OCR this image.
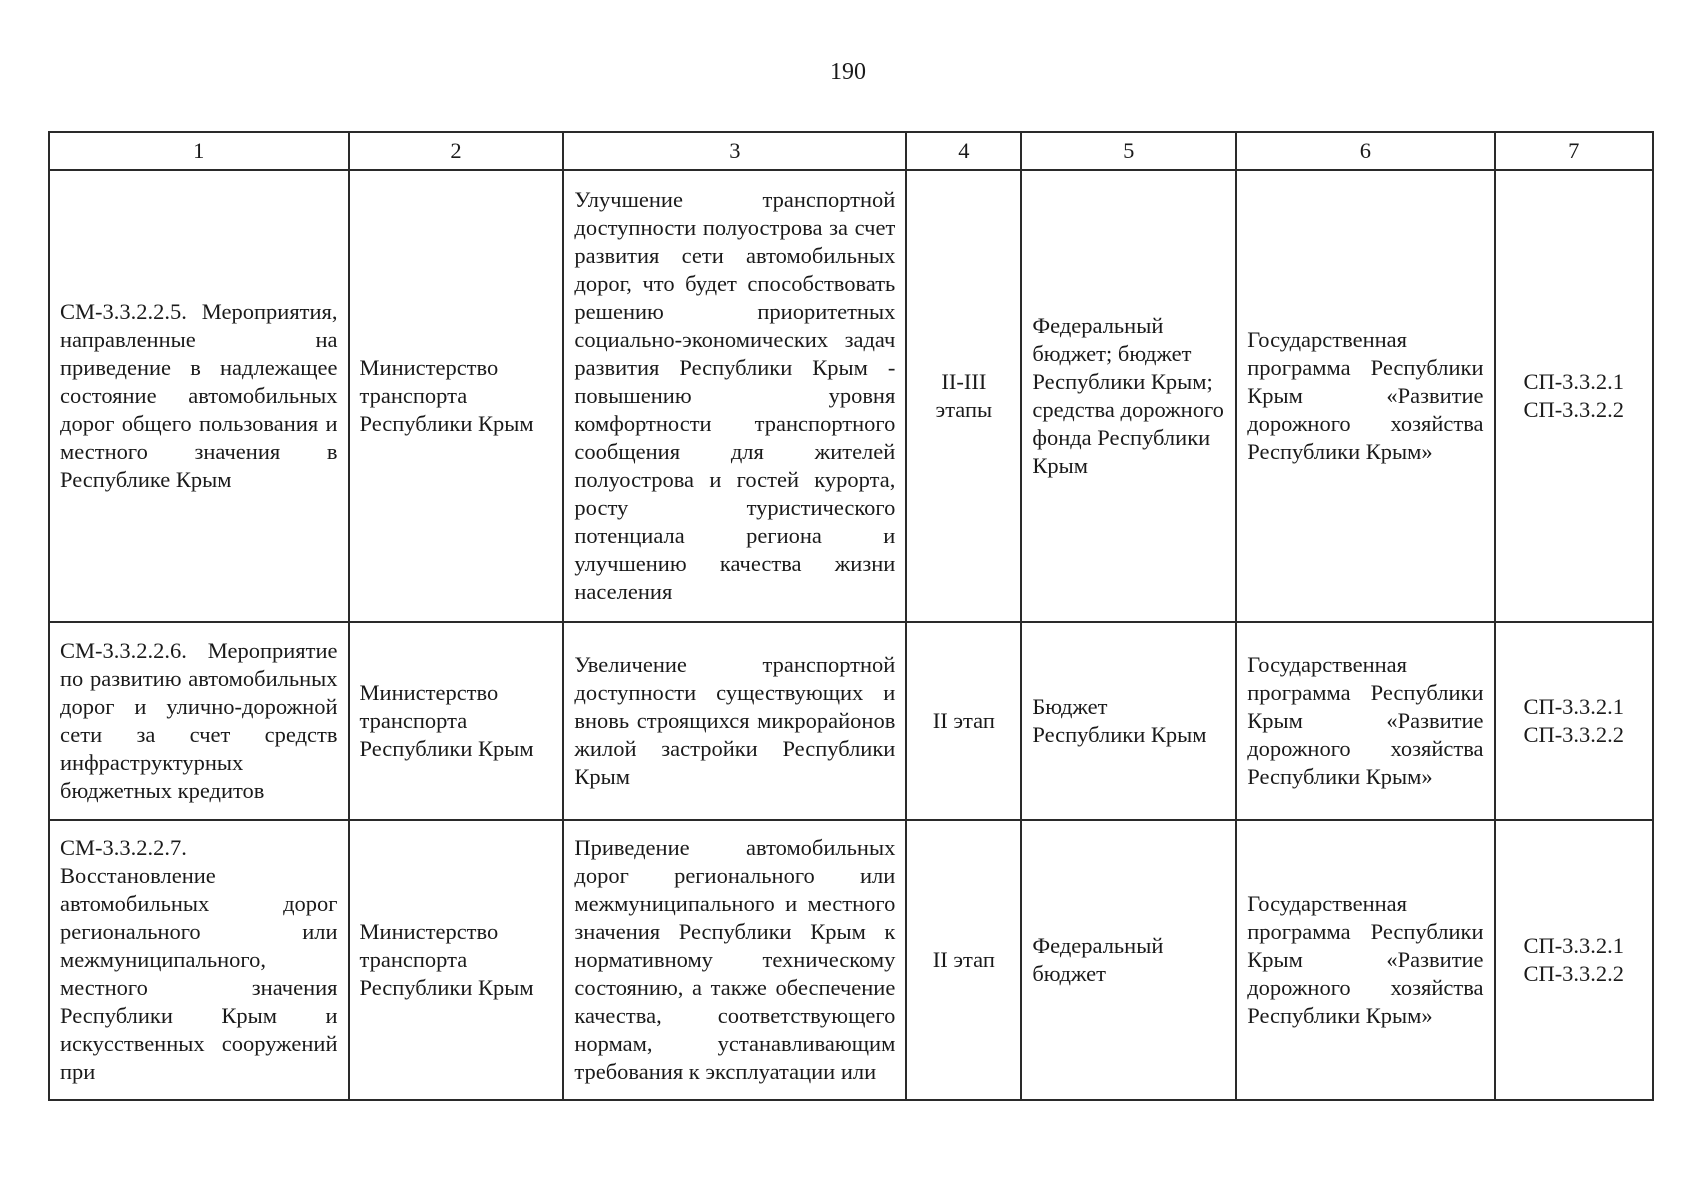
190
1	2	3	4	5	6	7
СМ-3.3.2.2.5. Мероприятия, направленные на приведение в надлежащее состояние автомобильных дорог общего пользования и местного значения в Республике Крым	Министерство транспорта Республики Крым	Улучшение транспортной доступности полуострова за счет развития сети автомобильных дорог, что будет способствовать решению приоритетных социально-экономических задач развития Республики Крым - повышению уровня комфортности транспортного сообщения для жителей полуострова и гостей курорта, росту туристического потенциала региона и улучшению качества жизни населения	II-III этапы	Федеральный бюджет; бюджет Республики Крым; средства дорожного фонда Республики Крым	Государственная программа Республики Крым «Развитие дорожного хозяйства Республики Крым»	СП-3.3.2.1 СП-3.3.2.2
СМ-3.3.2.2.6. Мероприятие по развитию автомобильных дорог и улично-дорожной сети за счет средств инфраструктурных бюджетных кредитов	Министерство транспорта Республики Крым	Увеличение транспортной доступности существующих и вновь строящихся микрорайонов жилой застройки Республики Крым	II этап	Бюджет Республики Крым	Государственная программа Республики Крым «Развитие дорожного хозяйства Республики Крым»	СП-3.3.2.1 СП-3.3.2.2
СМ-3.3.2.2.7. Восстановление автомобильных дорог регионального или межмуниципального, местного значения Республики Крым и искусственных сооружений при	Министерство транспорта Республики Крым	Приведение автомобильных дорог регионального или межмуниципального и местного значения Республики Крым к нормативному техническому состоянию, а также обеспечение качества, соответствующего нормам, устанавливающим требования к эксплуатации или	II этап	Федеральный бюджет	Государственная программа Республики Крым «Развитие дорожного хозяйства Республики Крым»	СП-3.3.2.1 СП-3.3.2.2
